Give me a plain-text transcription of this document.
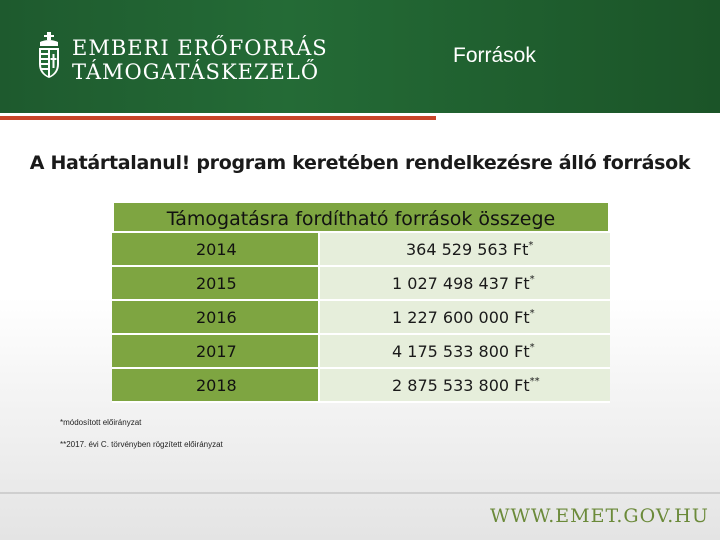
EMBERI ERŐFORRÁS
TÁMOGATÁSKEZELŐ
Források
A Határtalanul! program keretében rendelkezésre álló források
Támogatásra fordítható források összege
2014	364 529 563 Ft*
2015	1 027 498 437 Ft*
2016	1 227 600 000 Ft*
2017	4 175 533 800 Ft*
2018	2 875 533 800 Ft**
*módosított előirányzat
**2017. évi C. törvényben rögzített előirányzat
WWW.EMET.GOV.HU
